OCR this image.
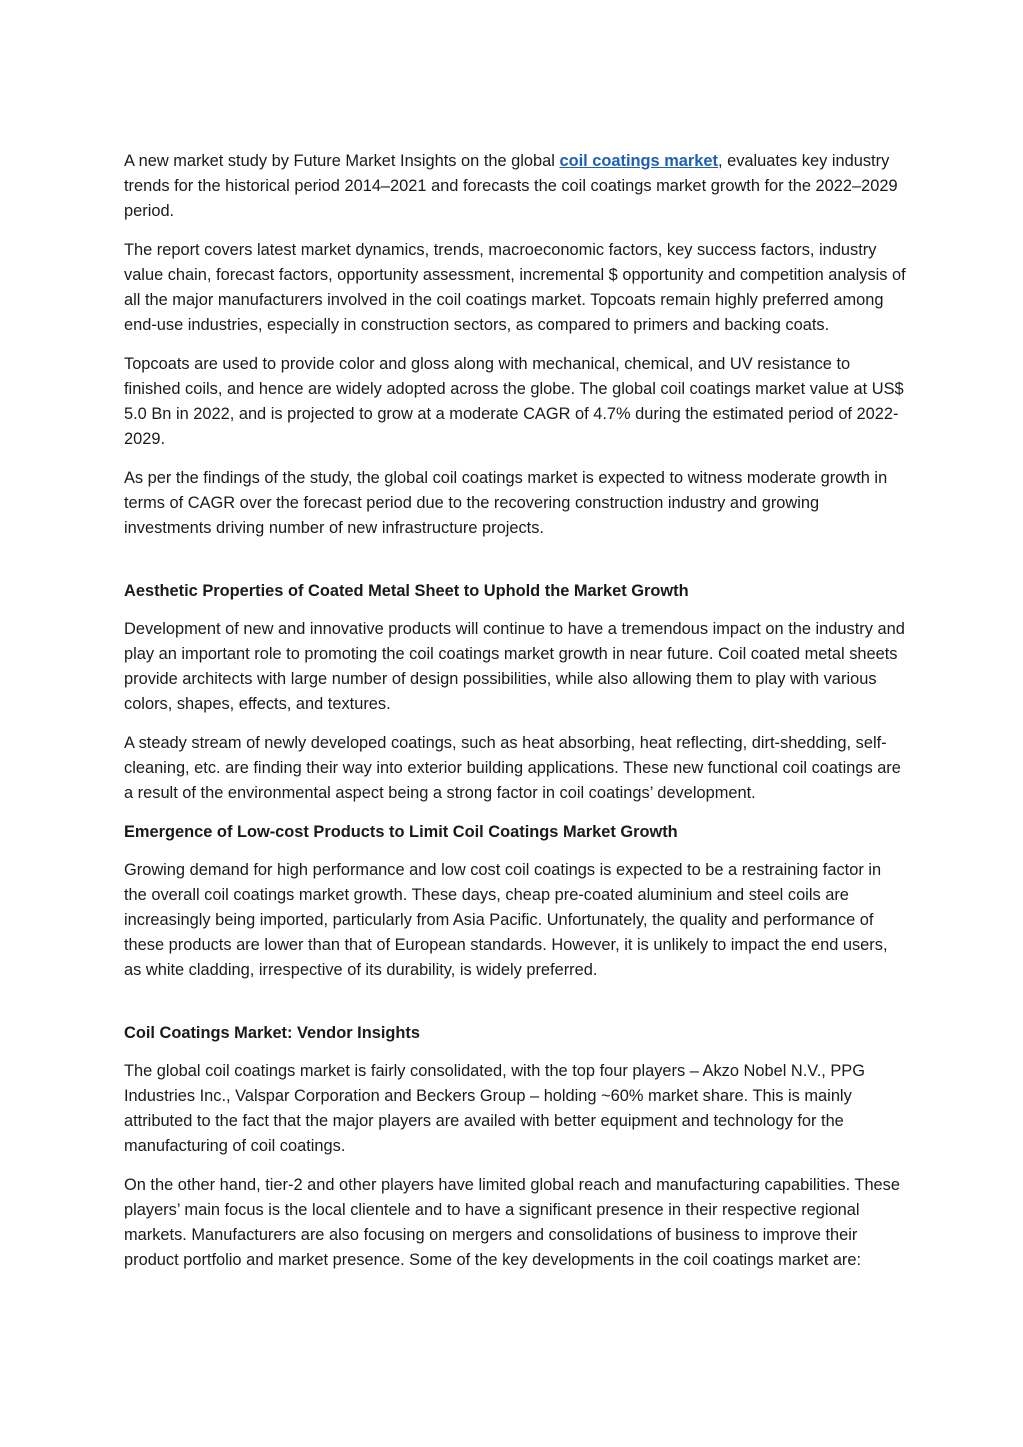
A new market study by Future Market Insights on the global coil coatings market, evaluates key industry trends for the historical period 2014–2021 and forecasts the coil coatings market growth for the 2022–2029 period.

The report covers latest market dynamics, trends, macroeconomic factors, key success factors, industry value chain, forecast factors, opportunity assessment, incremental $ opportunity and competition analysis of all the major manufacturers involved in the coil coatings market. Topcoats remain highly preferred among end-use industries, especially in construction sectors, as compared to primers and backing coats.

Topcoats are used to provide color and gloss along with mechanical, chemical, and UV resistance to finished coils, and hence are widely adopted across the globe. The global coil coatings market value at US$ 5.0 Bn in 2022, and is projected to grow at a moderate CAGR of 4.7% during the estimated period of 2022-2029.

As per the findings of the study, the global coil coatings market is expected to witness moderate growth in terms of CAGR over the forecast period due to the recovering construction industry and growing investments driving number of new infrastructure projects.

Aesthetic Properties of Coated Metal Sheet to Uphold the Market Growth

Development of new and innovative products will continue to have a tremendous impact on the industry and play an important role to promoting the coil coatings market growth in near future. Coil coated metal sheets provide architects with large number of design possibilities, while also allowing them to play with various colors, shapes, effects, and textures.

A steady stream of newly developed coatings, such as heat absorbing, heat reflecting, dirt-shedding, self-cleaning, etc. are finding their way into exterior building applications. These new functional coil coatings are a result of the environmental aspect being a strong factor in coil coatings’ development.

Emergence of Low-cost Products to Limit Coil Coatings Market Growth

Growing demand for high performance and low cost coil coatings is expected to be a restraining factor in the overall coil coatings market growth. These days, cheap pre-coated aluminium and steel coils are increasingly being imported, particularly from Asia Pacific. Unfortunately, the quality and performance of these products are lower than that of European standards. However, it is unlikely to impact the end users, as white cladding, irrespective of its durability, is widely preferred.

Coil Coatings Market: Vendor Insights

The global coil coatings market is fairly consolidated, with the top four players – Akzo Nobel N.V., PPG Industries Inc., Valspar Corporation and Beckers Group – holding ~60% market share. This is mainly attributed to the fact that the major players are availed with better equipment and technology for the manufacturing of coil coatings.

On the other hand, tier-2 and other players have limited global reach and manufacturing capabilities. These players’ main focus is the local clientele and to have a significant presence in their respective regional markets. Manufacturers are also focusing on mergers and consolidations of business to improve their product portfolio and market presence. Some of the key developments in the coil coatings market are:
